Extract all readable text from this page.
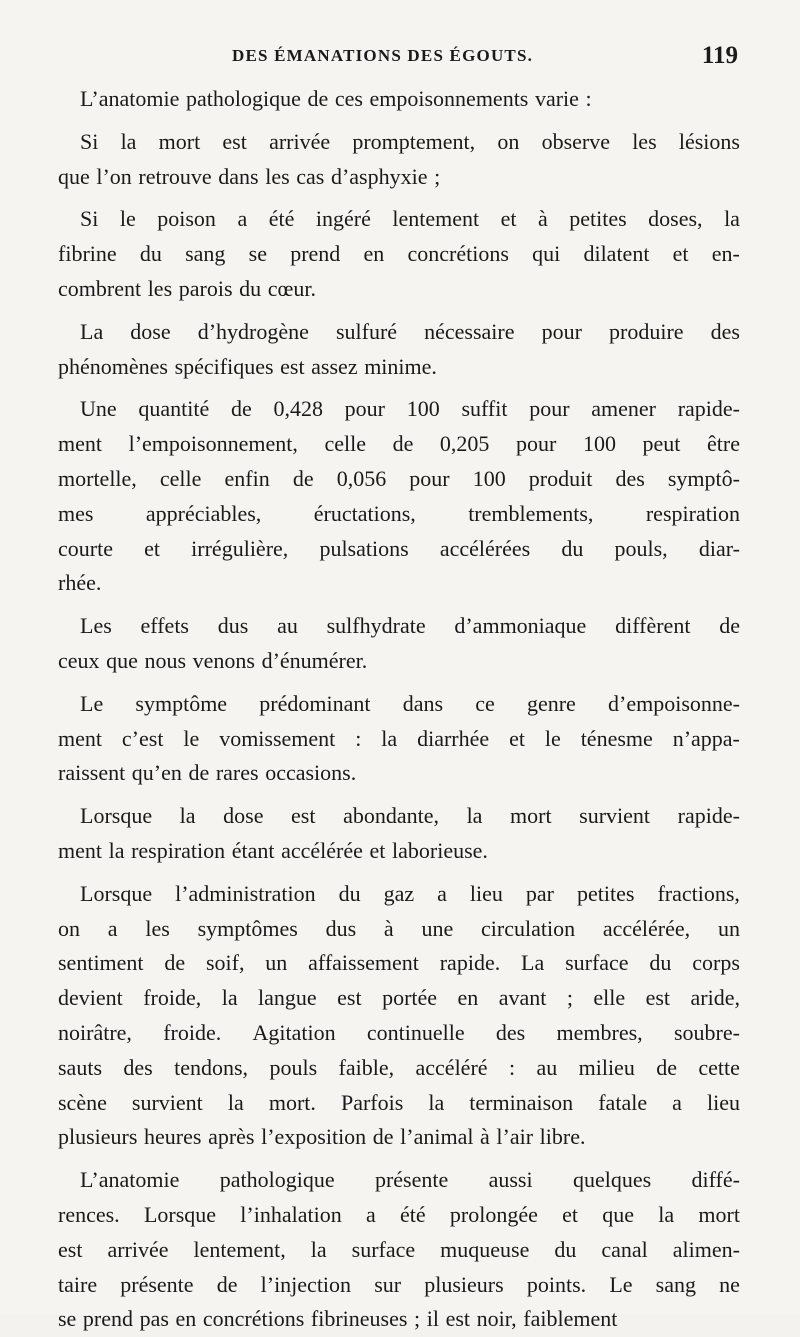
DES ÉMANATIONS DES ÉGOUTS.	119
L’anatomie pathologique de ces empoisonnements varie :
Si la mort est arrivée promptement, on observe les lésions
que l’on retrouve dans les cas d’asphyxie ;
Si le poison a été ingéré lentement et à petites doses, la
fibrine du sang se prend en concrétions qui dilatent et en-
combrent les parois du cœur.
La dose d’hydrogène sulfuré nécessaire pour produire des
phénomènes spécifiques est assez minime.
Une quantité de 0,428 pour 100 suffit pour amener rapide-
ment l’empoisonnement, celle de 0,205 pour 100 peut être
mortelle, celle enfin de 0,056 pour 100 produit des symptô-
mes appréciables, éructations, tremblements, respiration
courte et irrégulière, pulsations accélérées du pouls, diar-
rhée.
Les effets dus au sulfhydrate d’ammoniaque diffèrent de
ceux que nous venons d’énumérer.
Le symptôme prédominant dans ce genre d’empoisonne-
ment c’est le vomissement : la diarrhée et le ténesme n’appa-
raissent qu’en de rares occasions.
Lorsque la dose est abondante, la mort survient rapide-
ment la respiration étant accélérée et laborieuse.
Lorsque l’administration du gaz a lieu par petites fractions,
on a les symptômes dus à une circulation accélérée, un
sentiment de soif, un affaissement rapide. La surface du corps
devient froide, la langue est portée en avant ; elle est aride,
noirâtre, froide. Agitation continuelle des membres, soubre-
sauts des tendons, pouls faible, accéléré : au milieu de cette
scène survient la mort. Parfois la terminaison fatale a lieu
plusieurs heures après l’exposition de l’animal à l’air libre.
L’anatomie pathologique présente aussi quelques diffé-
rences. Lorsque l’inhalation a été prolongée et que la mort
est arrivée lentement, la surface muqueuse du canal alimen-
taire présente de l’injection sur plusieurs points. Le sang ne
se prend pas en concrétions fibrineuses ; il est noir, faiblement
